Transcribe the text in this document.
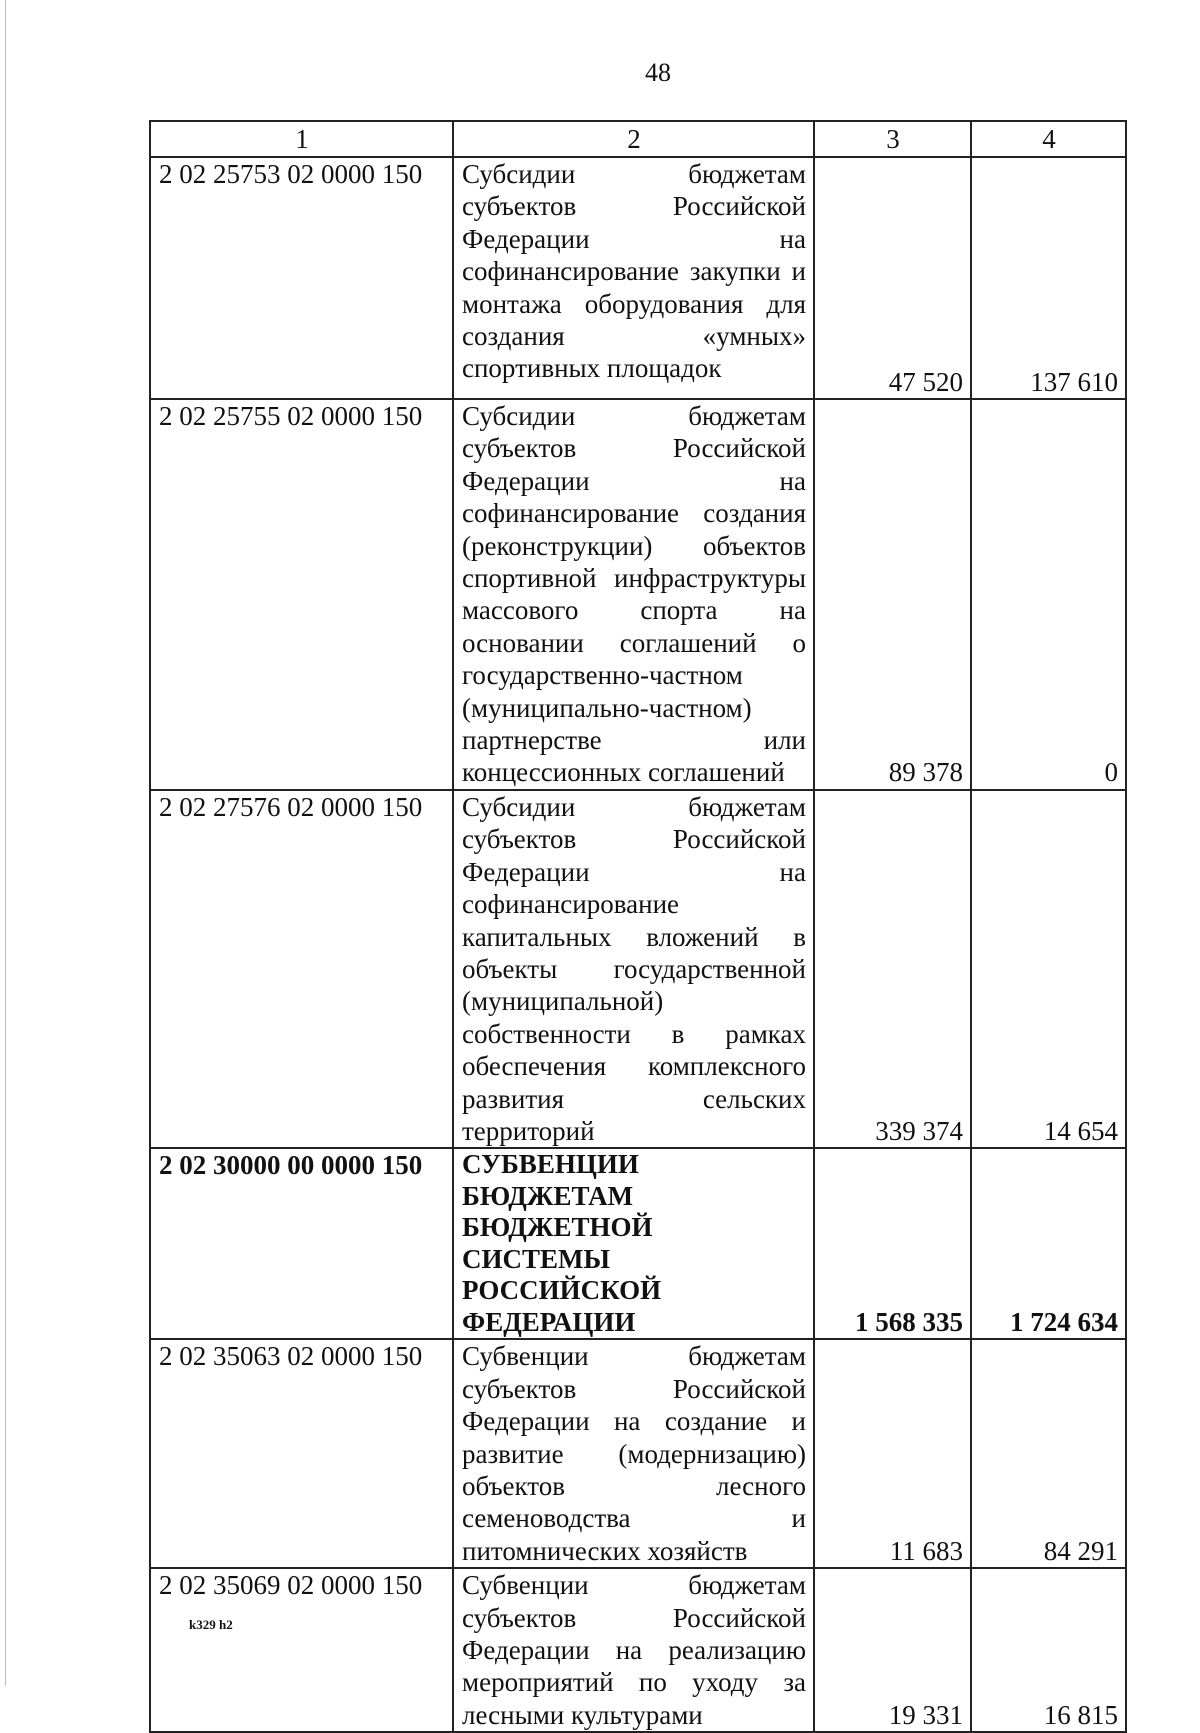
48
1	2	3	4
2 02 25753 02 0000 150	Субсидии бюджетам субъектов Российской Федерации на софинансирование закупки и монтажа оборудования для создания «умных» спортивных площадок	47 520	137 610
2 02 25755 02 0000 150	Субсидии бюджетам субъектов Российской Федерации на софинансирование создания (реконструкции) объектов спортивной инфраструктуры массового спорта на основании соглашений о государственно-частном (муниципально-частном) партнерстве или концессионных соглашений	89 378	0
2 02 27576 02 0000 150	Субсидии бюджетам субъектов Российской Федерации на софинансирование капитальных вложений в объекты государственной (муниципальной) собственности в рамках обеспечения комплексного развития сельских территорий	339 374	14 654
2 02 30000 00 0000 150	СУБВЕНЦИИ БЮДЖЕТАМ БЮДЖЕТНОЙ СИСТЕМЫ РОССИЙСКОЙ ФЕДЕРАЦИИ	1 568 335	1 724 634
2 02 35063 02 0000 150	Субвенции бюджетам субъектов Российской Федерации на создание и развитие (модернизацию) объектов лесного семеноводства и питомнических хозяйств	11 683	84 291
2 02 35069 02 0000 150	Субвенции бюджетам субъектов Российской Федерации на реализацию мероприятий по уходу за лесными культурами	19 331	16 815
k329 h2
